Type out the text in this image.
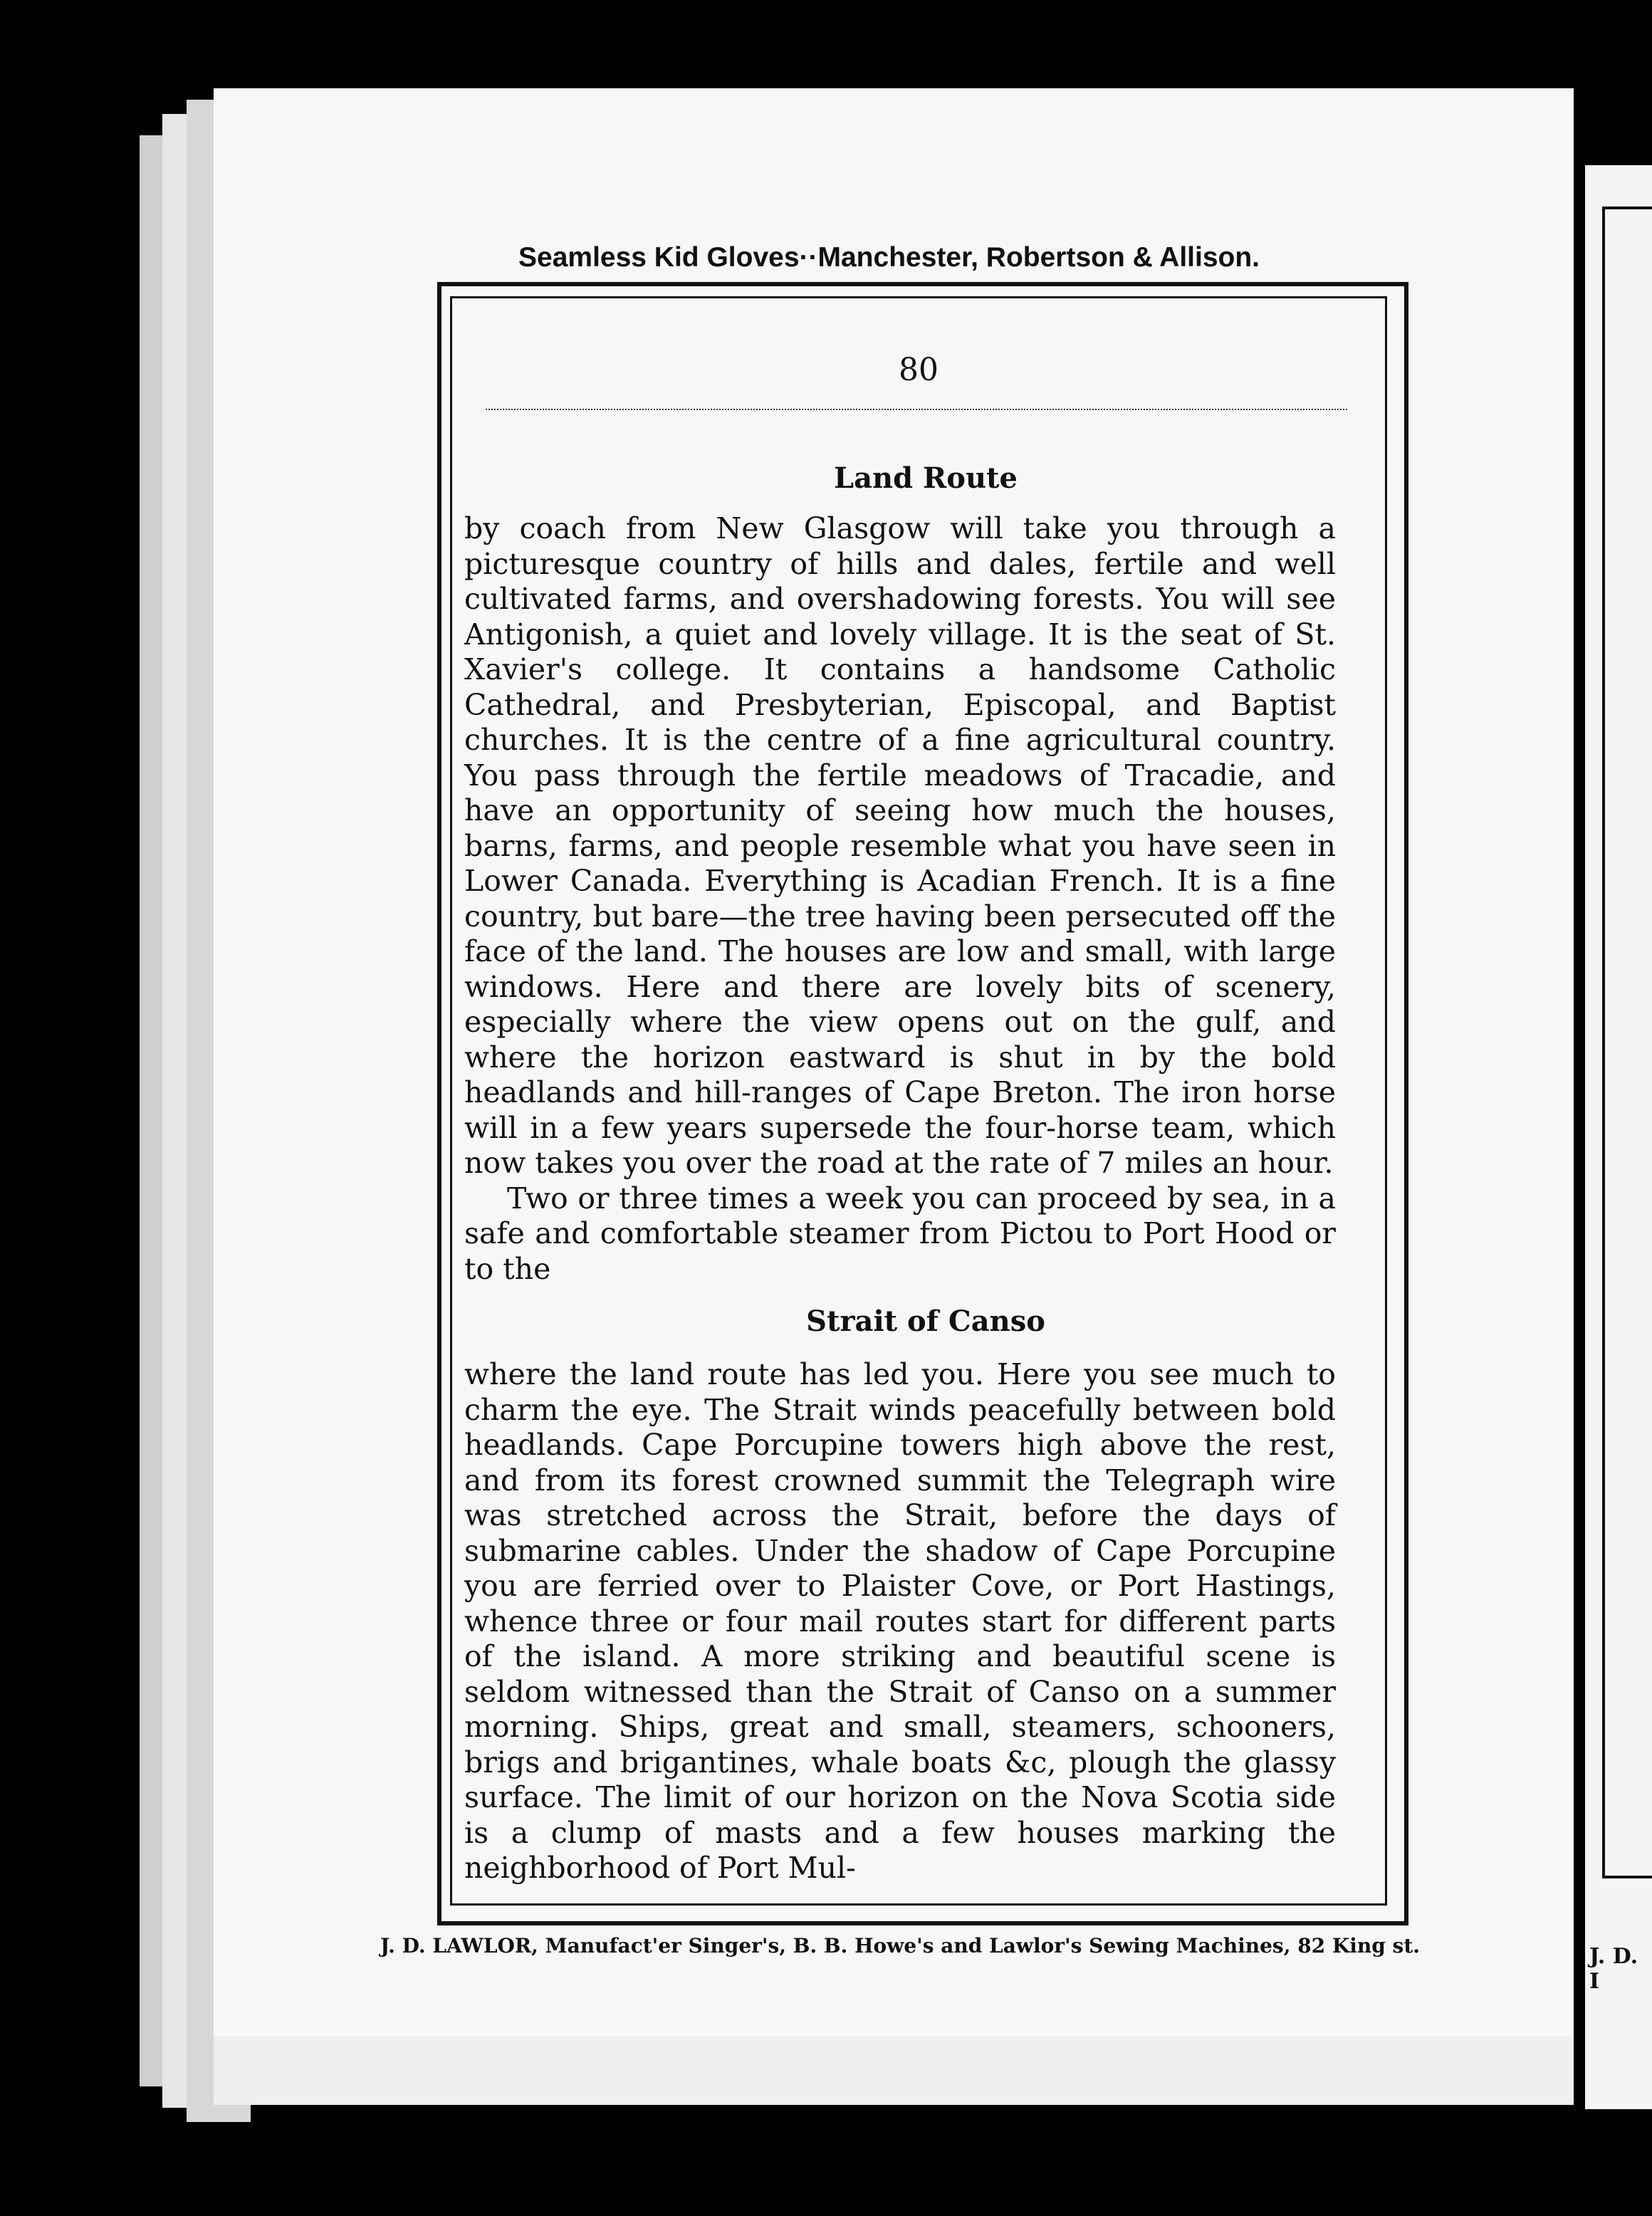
J. D. I
Seamless Kid Gloves··Manchester, Robertson & Allison.
80
Land Route

by coach from New Glasgow will take you through a picturesque country of hills and dales, fertile and well cultivated farms, and overshadowing forests. You will see Antigonish, a quiet and lovely village. It is the seat of St. Xavier's college. It contains a handsome Catholic Cathedral, and Presbyterian, Episcopal, and Baptist churches. It is the centre of a fine agricultural country. You pass through the fertile meadows of Tracadie, and have an opportunity of seeing how much the houses, barns, farms, and people resemble what you have seen in Lower Canada. Everything is Acadian French. It is a fine country, but bare—the tree having been persecuted off the face of the land. The houses are low and small, with large windows. Here and there are lovely bits of scenery, especially where the view opens out on the gulf, and where the horizon eastward is shut in by the bold headlands and hill-ranges of Cape Breton. The iron horse will in a few years supersede the four-horse team, which now takes you over the road at the rate of 7 miles an hour.

Two or three times a week you can proceed by sea, in a safe and comfortable steamer from Pictou to Port Hood or to the

Strait of Canso

where the land route has led you. Here you see much to charm the eye. The Strait winds peacefully between bold headlands. Cape Porcupine towers high above the rest, and from its forest crowned summit the Telegraph wire was stretched across the Strait, before the days of submarine cables. Under the shadow of Cape Porcupine you are ferried over to Plaister Cove, or Port Hastings, whence three or four mail routes start for different parts of the island. A more striking and beautiful scene is seldom witnessed than the Strait of Canso on a summer morning. Ships, great and small, steamers, schooners, brigs and brigantines, whale boats &c, plough the glassy surface. The limit of our horizon on the Nova Scotia side is a clump of masts and a few houses marking the neighborhood of Port Mul-

J. D. LAWLOR, Manufact'er Singer's, B. B. Howe's and Lawlor's Sewing Machines, 82 King st.
